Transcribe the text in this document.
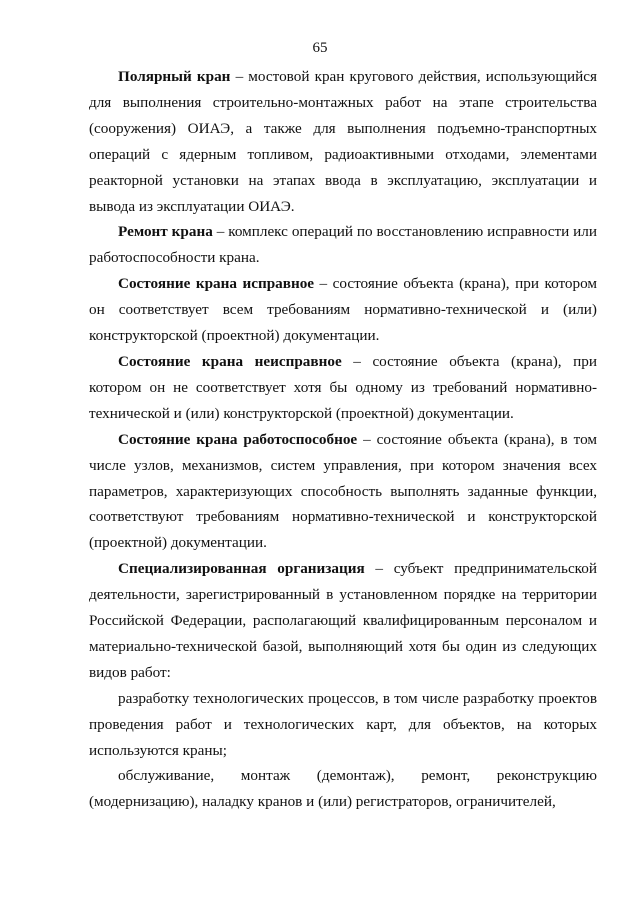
65

Полярный кран – мостовой кран кругового действия, использующийся для выполнения строительно-монтажных работ на этапе строительства (сооружения) ОИАЭ, а также для выполнения подъемно-транспортных операций с ядерным топливом, радиоактивными отходами, элементами реакторной установки на этапах ввода в эксплуатацию, эксплуатации и вывода из эксплуатации ОИАЭ.

Ремонт крана – комплекс операций по восстановлению исправности или работоспособности крана.

Состояние крана исправное – состояние объекта (крана), при котором он соответствует всем требованиям нормативно-технической и (или) конструкторской (проектной) документации.

Состояние крана неисправное – состояние объекта (крана), при котором он не соответствует хотя бы одному из требований нормативно-технической и (или) конструкторской (проектной) документации.

Состояние крана работоспособное – состояние объекта (крана), в том числе узлов, механизмов, систем управления, при котором значения всех параметров, характеризующих способность выполнять заданные функции, соответствуют требованиям нормативно-технической и конструкторской (проектной) документации.

Специализированная организация – субъект предпринимательской деятельности, зарегистрированный в установленном порядке на территории Российской Федерации, располагающий квалифицированным персоналом и материально-технической базой, выполняющий хотя бы один из следующих видов работ:

разработку технологических процессов, в том числе разработку проектов проведения работ и технологических карт, для объектов, на которых используются краны;

обслуживание, монтаж (демонтаж), ремонт, реконструкцию (модернизацию), наладку кранов и (или) регистраторов, ограничителей,
